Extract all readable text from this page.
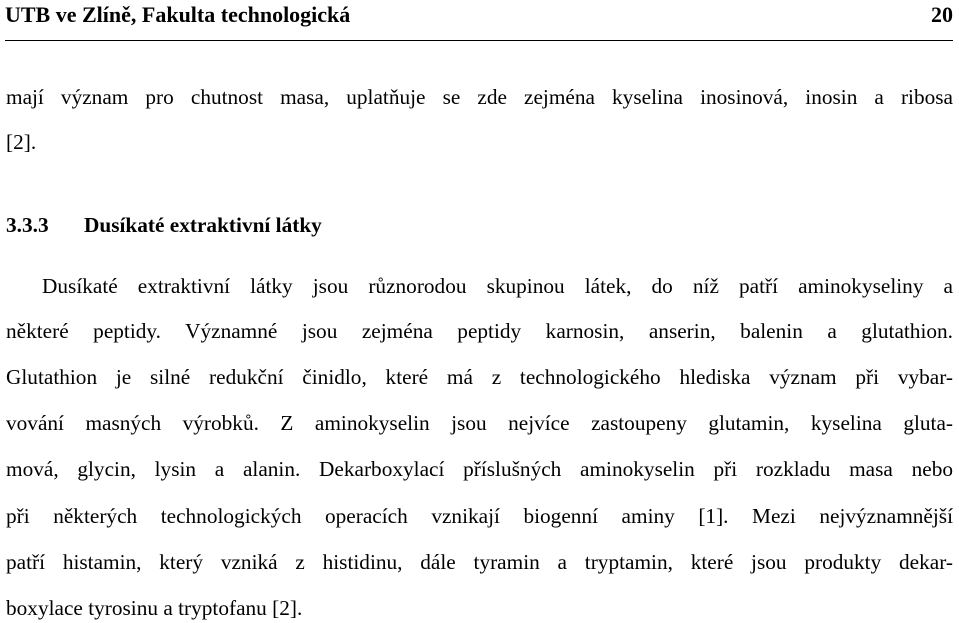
UTB ve Zlíně, Fakulta technologická	20
mají význam pro chutnost masa, uplatňuje se zde zejména kyselina inosinová, inosin a ribosa
[2].
3.3.3 Dusíkaté extraktivní látky
Dusíkaté extraktivní látky jsou různorodou skupinou látek, do níž patří aminokyseliny a
některé peptidy. Významné jsou zejména peptidy karnosin, anserin, balenin a glutathion.
Glutathion je silné redukční činidlo, které má z technologického hlediska význam při vybar-
vování masných výrobků. Z aminokyselin jsou nejvíce zastoupeny glutamin, kyselina gluta-
mová, glycin, lysin a alanin. Dekarboxylací příslušných aminokyselin při rozkladu masa nebo
při některých technologických operacích vznikají biogenní aminy [1]. Mezi nejvýznamnější
patří histamin, který vzniká z histidinu, dále tyramin a tryptamin, které jsou produkty dekar-
boxylace tyrosinu a tryptofanu [2].
